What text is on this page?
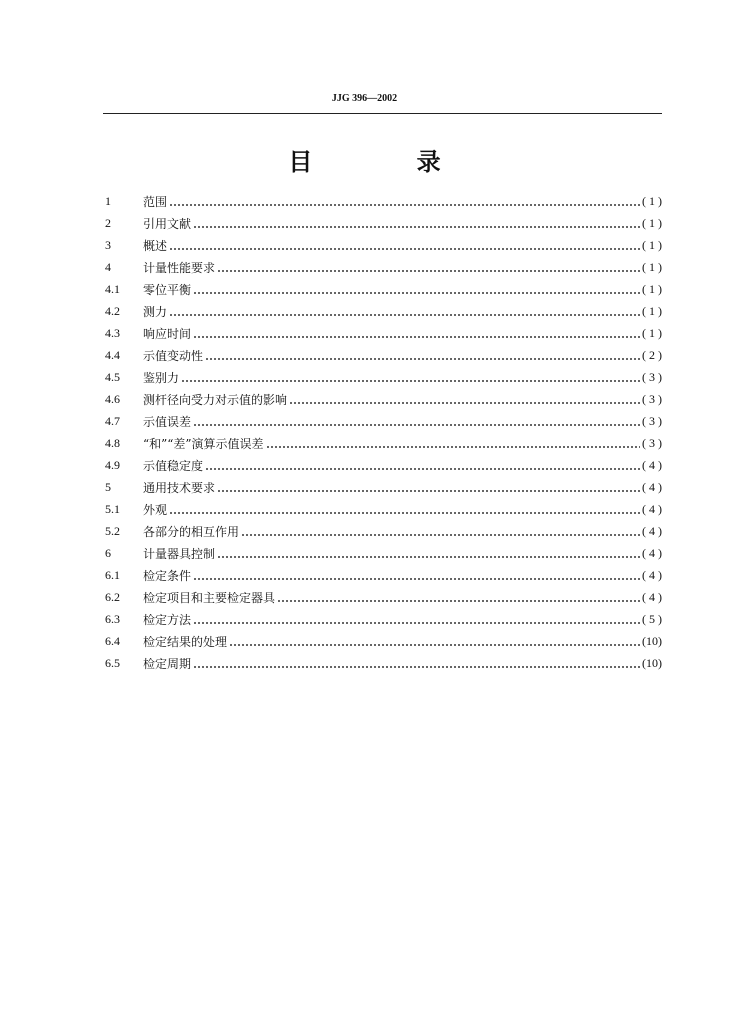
JJG 396—2002
目 录
1	范围	( 1 )
2	引用文献	( 1 )
3	概述	( 1 )
4	计量性能要求	( 1 )
4.1	零位平衡	( 1 )
4.2	测力	( 1 )
4.3	响应时间	( 1 )
4.4	示值变动性	( 2 )
4.5	鉴别力	( 3 )
4.6	测杆径向受力对示值的影响	( 3 )
4.7	示值误差	( 3 )
4.8	“和”“差”演算示值误差	( 3 )
4.9	示值稳定度	( 4 )
5	通用技术要求	( 4 )
5.1	外观	( 4 )
5.2	各部分的相互作用	( 4 )
6	计量器具控制	( 4 )
6.1	检定条件	( 4 )
6.2	检定项目和主要检定器具	( 4 )
6.3	检定方法	( 5 )
6.4	检定结果的处理	(10)
6.5	检定周期	(10)
